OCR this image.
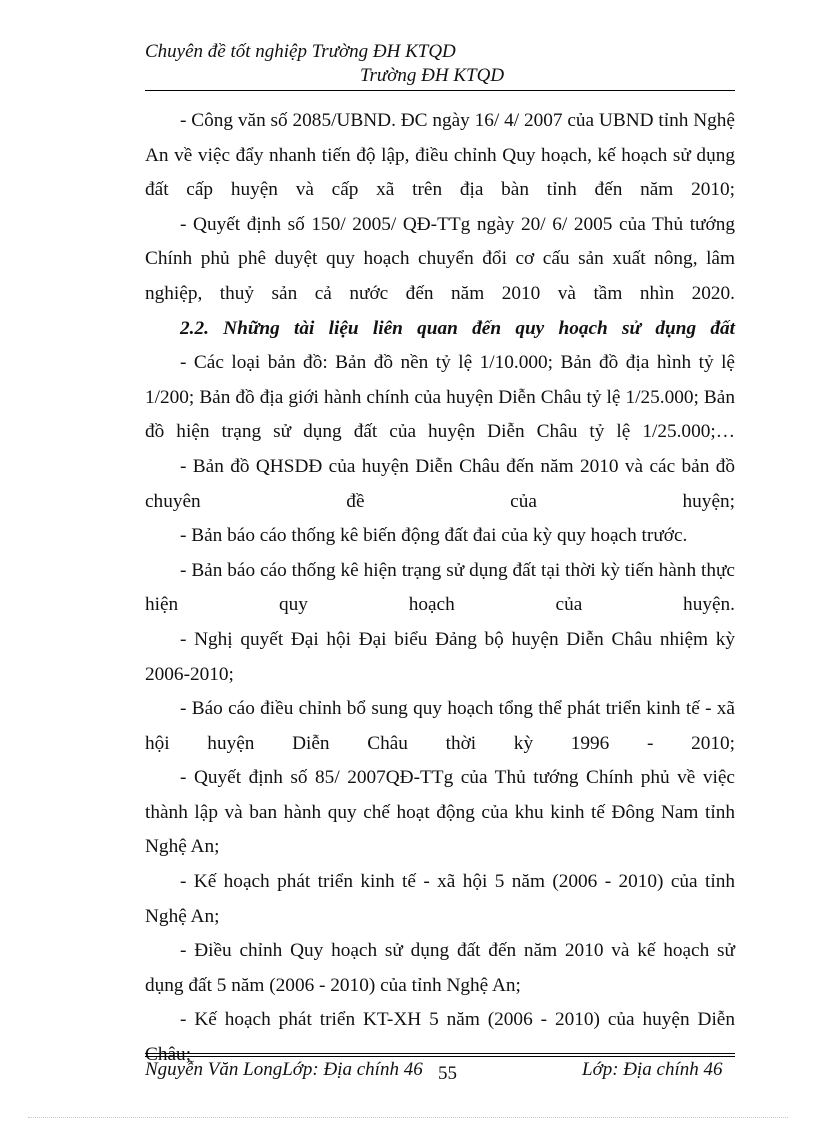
Chuyên đề tốt nghiệp Trường ĐH KTQD
Trường ĐH KTQD

- Công văn số 2085/UBND. ĐC ngày 16/ 4/ 2007 của UBND tỉnh Nghệ An về việc đẩy nhanh tiến độ lập, điều chỉnh Quy hoạch, kế hoạch sử dụng đất cấp huyện và cấp xã trên địa bàn tỉnh đến năm 2010;

- Quyết định số 150/ 2005/ QĐ-TTg ngày 20/ 6/ 2005 của Thủ tướng Chính phủ phê duyệt quy hoạch chuyển đổi cơ cấu sản xuất nông, lâm nghiệp, thuỷ sản cả nước đến năm 2010 và tầm nhìn 2020.

2.2. Những tài liệu liên quan đến quy hoạch sử dụng đất

- Các loại bản đồ: Bản đồ nền tỷ lệ 1/10.000; Bản đồ địa hình tỷ lệ 1/200; Bản đồ địa giới hành chính của huyện Diễn Châu tỷ lệ 1/25.000; Bản đồ hiện trạng sử dụng đất của huyện Diễn Châu tỷ lệ 1/25.000;…

- Bản đồ QHSDĐ của huyện Diễn Châu đến năm 2010 và các bản đồ chuyên đề của huyện;

- Bản báo cáo thống kê biến động đất đai của kỳ quy hoạch trước.

- Bản báo cáo thống kê hiện trạng sử dụng đất tại thời kỳ tiến hành thực hiện quy hoạch của huyện.

- Nghị quyết Đại hội Đại biểu Đảng bộ huyện Diễn Châu nhiệm kỳ 2006-2010;

- Báo cáo điều chỉnh bổ sung quy hoạch tổng thể phát triển kinh tế - xã hội huyện Diễn Châu thời kỳ 1996 - 2010;

- Quyết định số 85/ 2007QĐ-TTg của Thủ tướng Chính phủ về việc thành lập và ban hành quy chế hoạt động của khu kinh tế Đông Nam tỉnh Nghệ An;

- Kế hoạch phát triển kinh tế - xã hội 5 năm (2006 - 2010) của tỉnh Nghệ An;

- Điều chỉnh Quy hoạch sử dụng đất đến năm 2010 và kế hoạch sử dụng đất 5 năm (2006 - 2010) của tỉnh Nghệ An;

- Kế hoạch phát triển KT-XH 5 năm (2006 - 2010) của huyện Diễn Châu;

Nguyễn Văn LongLớp: Địa chính 46 55	Lớp: Địa chính 46
